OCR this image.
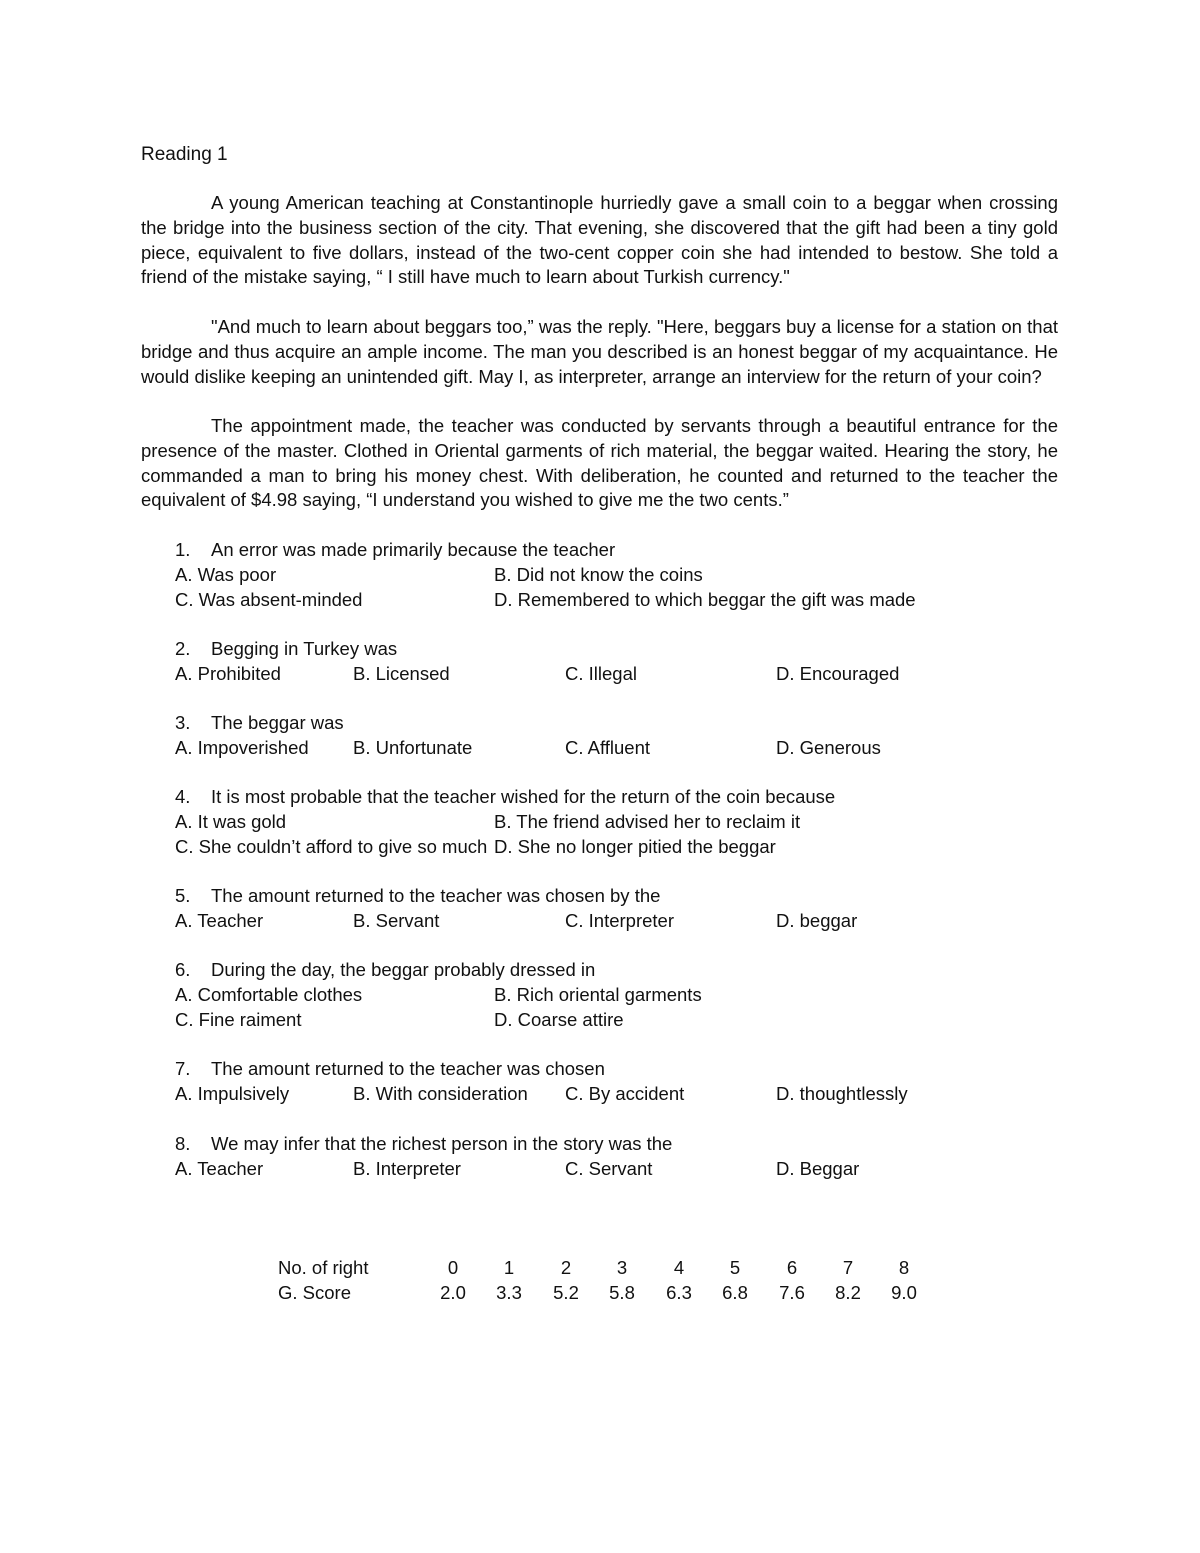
Reading 1

A young American teaching at Constantinople hurriedly gave a small coin to a beggar when crossing the bridge into the business section of the city. That evening, she discovered that the gift had been a tiny gold piece, equivalent to five dollars, instead of the two-cent copper coin she had intended to bestow. She told a friend of the mistake saying, “ I still have much to learn about Turkish currency."

"And much to learn about beggars too,” was the reply. "Here, beggars buy a license for a station on that bridge and thus acquire an ample income. The man you described is an honest beggar of my acquaintance. He would dislike keeping an unintended gift. May I, as interpreter, arrange an interview for the return of your coin?

The appointment made, the teacher was conducted by servants through a beautiful entrance for the presence of the master. Clothed in Oriental garments of rich material, the beggar waited. Hearing the story, he commanded a man to bring his money chest. With deliberation, he counted and returned to the teacher the equivalent of $4.98 saying, “I understand you wished to give me the two cents.”

1. An error was made primarily because the teacher
A. Was poor	B. Did not know the coins
C. Was absent-minded	D. Remembered to which beggar the gift was made
2. Begging in Turkey was
A. Prohibited	B. Licensed	C. Illegal	D. Encouraged
3. The beggar was
A. Impoverished B. Unfortunate	C. Affluent	D. Generous
4. It is most probable that the teacher wished for the return of the coin because
A. It was gold	B. The friend advised her to reclaim it
C. She couldn’t afford to give so much D. She no longer pitied the beggar
5. The amount returned to the teacher was chosen by the
A. Teacher	B. Servant	C. Interpreter	D. beggar
6. During the day, the beggar probably dressed in
A. Comfortable clothes	B. Rich oriental garments
C. Fine raiment	D. Coarse attire
7. The amount returned to the teacher was chosen
A. Impulsively	B. With consideration C. By accident	D. thoughtlessly
8. We may infer that the richest person in the story was the
A. Teacher	B. Interpreter	C. Servant	D. Beggar
No. of right	0	1	2	3	4	5	6	7	8
G. Score	2.0	3.3	5.2	5.8	6.3	6.8	7.6	8.2	9.0
